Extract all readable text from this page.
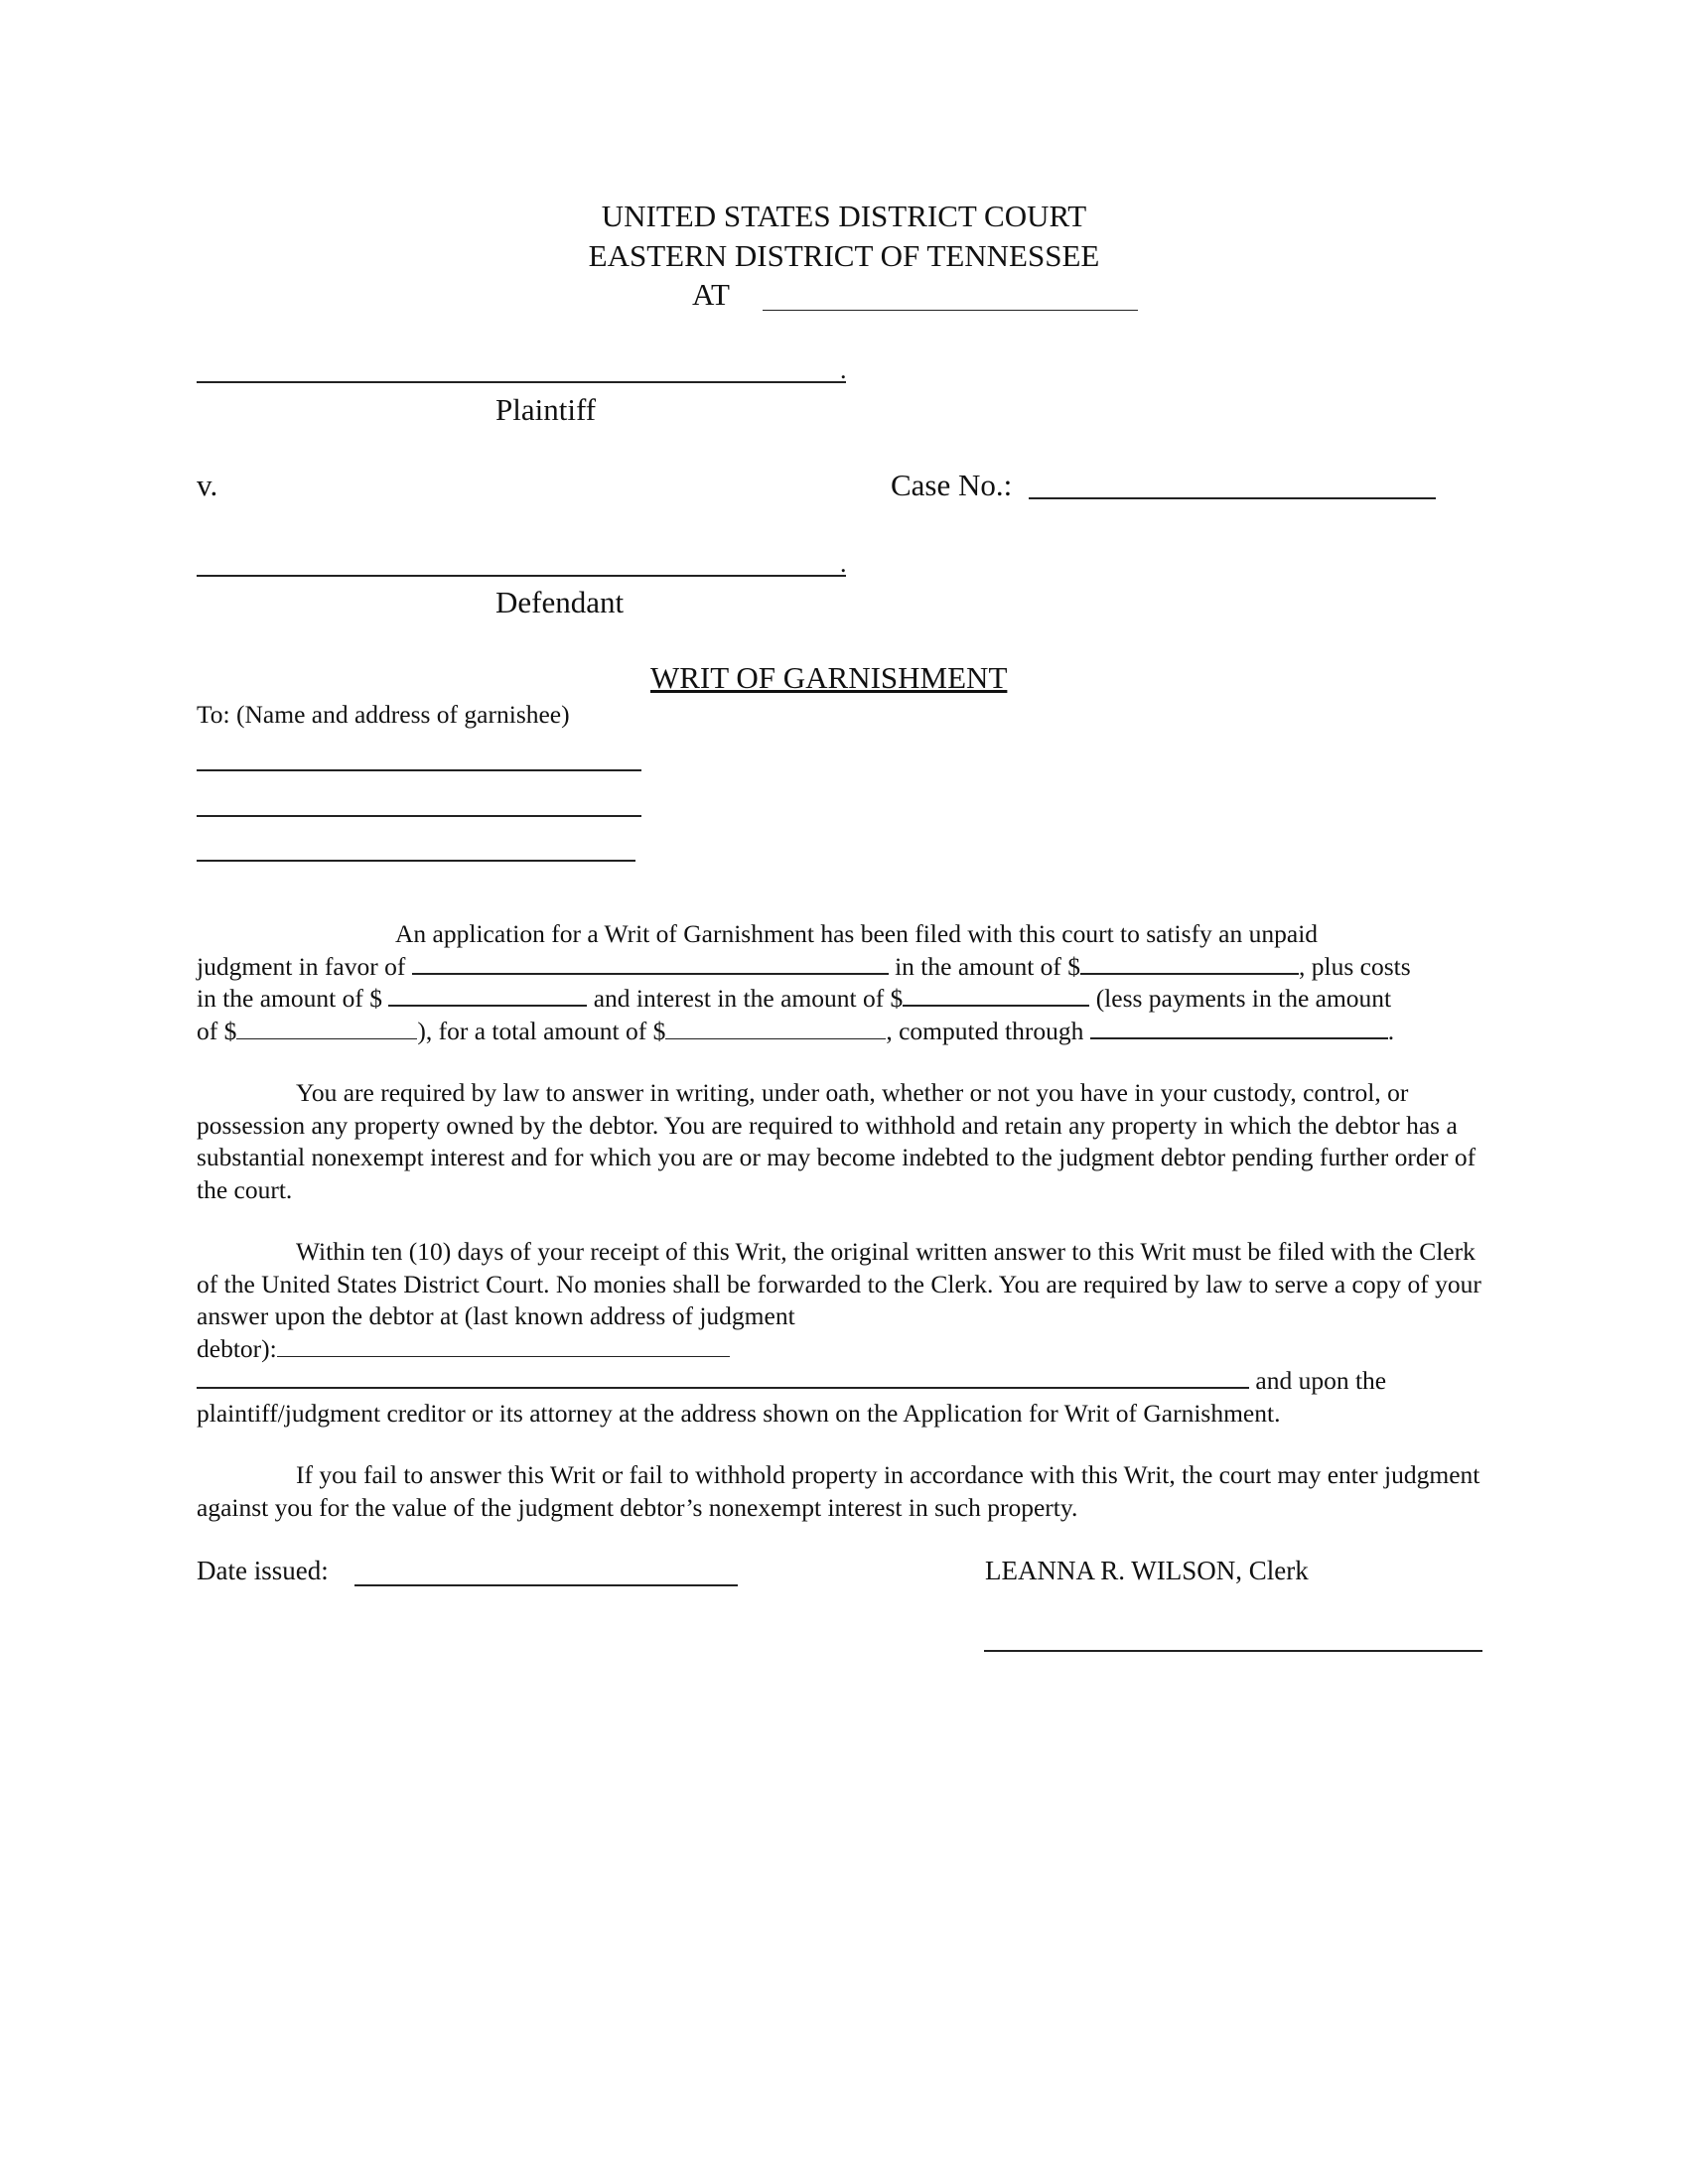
UNITED STATES DISTRICT COURT
EASTERN DISTRICT OF TENNESSEE
AT
.
Plaintiff
v.	Case No.:
.
Defendant
WRIT OF GARNISHMENT
To: (Name and address of garnishee)
An application for a Writ of Garnishment has been filed with this court to satisfy an unpaid
judgment in favor of	in the amount of $	, plus costs
in the amount of $	and interest in the amount of $	(less payments in the amount
of $	), for a total amount of $	, computed through	.
You are required by law to answer in writing, under oath, whether or not you have in your custody, control, or possession any property owned by the debtor. You are required to withhold and retain any property in which the debtor has a substantial nonexempt interest and for which you are or may become indebted to the judgment debtor pending further order of the court.
Within ten (10) days of your receipt of this Writ, the original written answer to this Writ must be filed with the Clerk of the United States District Court. No monies shall be forwarded to the Clerk. You are required by law to serve a copy of your answer upon the debtor at (last known address of judgment
debtor):
and upon the
plaintiff/judgment creditor or its attorney at the address shown on the Application for Writ of Garnishment.
If you fail to answer this Writ or fail to withhold property in accordance with this Writ, the court may enter judgment against you for the value of the judgment debtor’s nonexempt interest in such property.
Date issued:	LEANNA R. WILSON, Clerk
